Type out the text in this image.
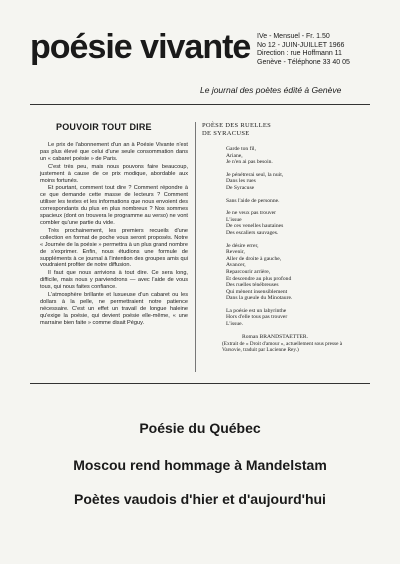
poésie vivante IVe - Mensuel - Fr. 1.50
No 12 - JUIN-JUILLET 1966
Direction : rue Hoffmann 11
Genève - Téléphone 33 40 05
Le journal des poètes édité à Genève
POUVOIR TOUT DIRE

Le prix de l'abonnement d'un an à Poésie Vivante n'est pas plus élevé que celui d'une seule consommation dans un « cabaret poésie » de Paris.

C'est très peu, mais nous pouvons faire beaucoup, justement à cause de ce prix modique, abordable aux moins fortunés.

Et pourtant, comment tout dire ? Comment répondre à ce que demande cette masse de lecteurs ? Comment utiliser les textes et les informations que nous envoient des correspondants du plus en plus nombreux ? Nos sommes spacieux (dont on trouvera le programme au verso) ne vont combler qu'une partie du vide.

Très prochainement, les premiers recueils d'une collection en format de poche vous seront proposés. Notre « Journée de la poésie » permettra à un plus grand nombre de s'exprimer. Enfin, nous étudions une formule de suppléments à ce journal à l'intention des groupes amis qui voudraient profiter de notre diffusion.

Il faut que nous arrivions à tout dire. Ce sera long, difficile, mais nous y parviendrons — avec l'aide de vous tous, qui nous faites confiance.

L'atmosphère brillante et luxueuse d'un cabaret ou les dollars à la pelle, ne permettraient notre patience nécessaire. C'est un effet un travail de longue haleine qu'exige la poésie, qui devient poésie elle-même, « une marraine bien faite » comme disait Péguy.

POÈSE DES RUELLES
DE SYRACUSE
Garde ton fil,
Ariane,
Je n'en ai pas besoin.
Je pénétrerai seul, la nuit,
Dans les rues
De Syracuse
Sans l'aide de personne.
Je ne veux pas trouver
L'issue
De ces venelles hautaines
Des escaliers sauvages.
Je désire errer,
Revenir,
Aller de droite à gauche,
Avancer,
Reparcourir arrière,
Et descendre au plus profond
Des ruelles ténébreuses
Qui mènent insensiblement
Dans la gueule du Minotaure.
La poésie est un labyrinthe
Hors d'elle tous pas trouver
L'issue.
Roman BRANDSTAETTER.
(Extrait de « Droit d'amour », actuellement sous presse à Varsovie, traduit par Lucienne Rey.)
Poésie du Québec
Moscou rend hommage à Mandelstam
Poètes vaudois d'hier et d'aujourd'hui
